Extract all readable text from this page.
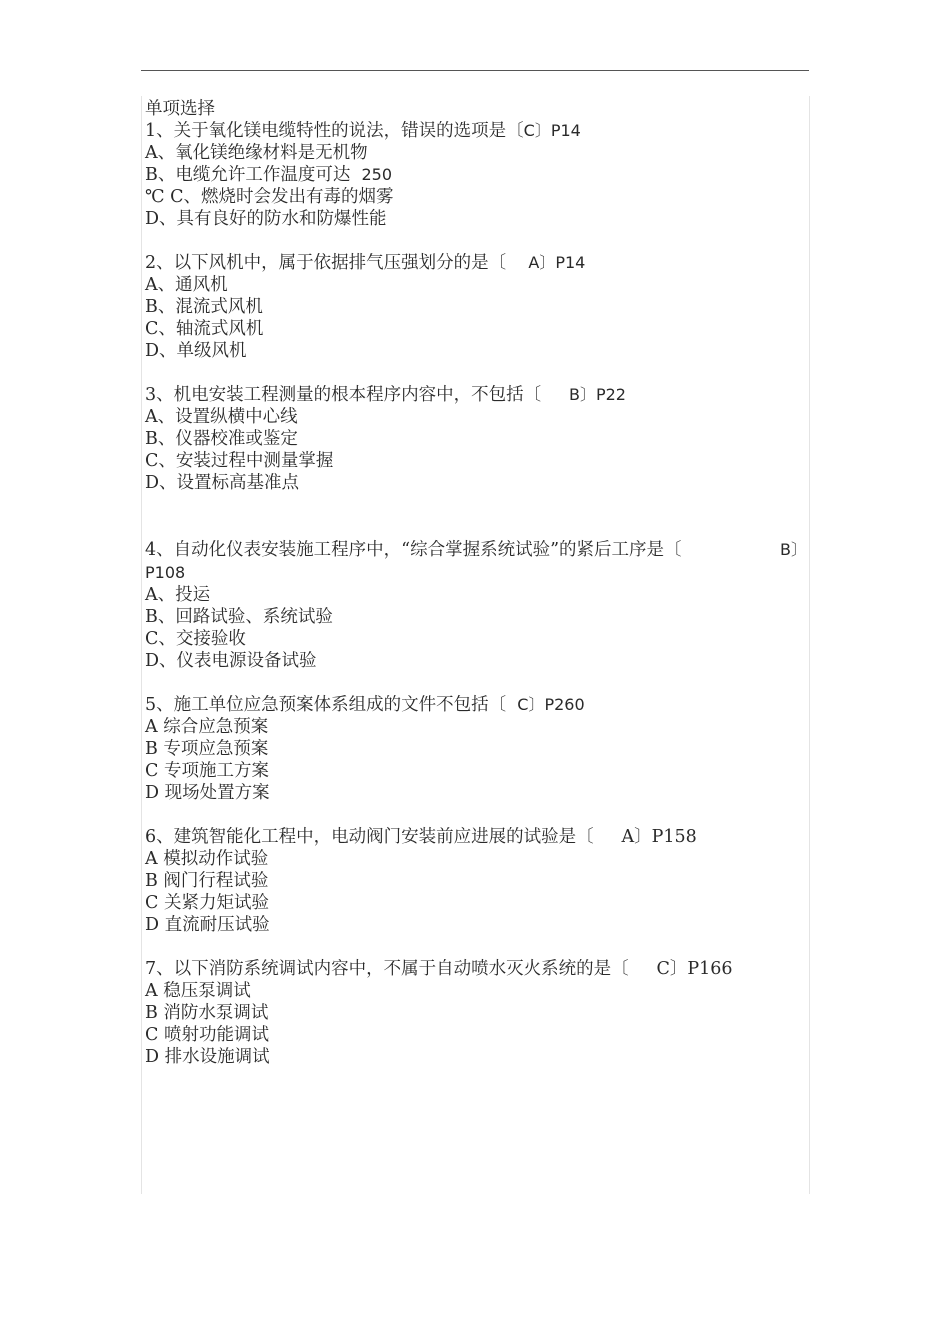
单项选择
1、关于氧化镁电缆特性的说法，错误的选项是〔C〕P14
A、氧化镁绝缘材料是无机物
B、电缆允许工作温度可达 250
℃ C、燃烧时会发出有毒的烟雾
D、具有良好的防水和防爆性能
2、以下风机中，属于依据排气压强划分的是〔 A〕P14
A、通风机
B、混流式风机
C、轴流式风机
D、单级风机
3、机电安装工程测量的根本程序内容中，不包括〔 B〕P22
A、设置纵横中心线
B、仪器校准或鉴定
C、安装过程中测量掌握
D、设置标高基准点
4、自动化仪表安装施工程序中，“综合掌握系统试验”的紧后工序是〔	B〕
P108
A、投运
B、回路试验、系统试验
C、交接验收
D、仪表电源设备试验
5、施工单位应急预案体系组成的文件不包括〔 C〕P260
A 综合应急预案
B 专项应急预案
C 专项施工方案
D 现场处置方案
6、建筑智能化工程中，电动阀门安装前应进展的试验是〔 A〕P158
A 模拟动作试验
B 阀门行程试验
C 关紧力矩试验
D 直流耐压试验
7、以下消防系统调试内容中，不属于自动喷水灭火系统的是〔 C〕P166
A 稳压泵调试
B 消防水泵调试
C 喷射功能调试
D 排水设施调试
